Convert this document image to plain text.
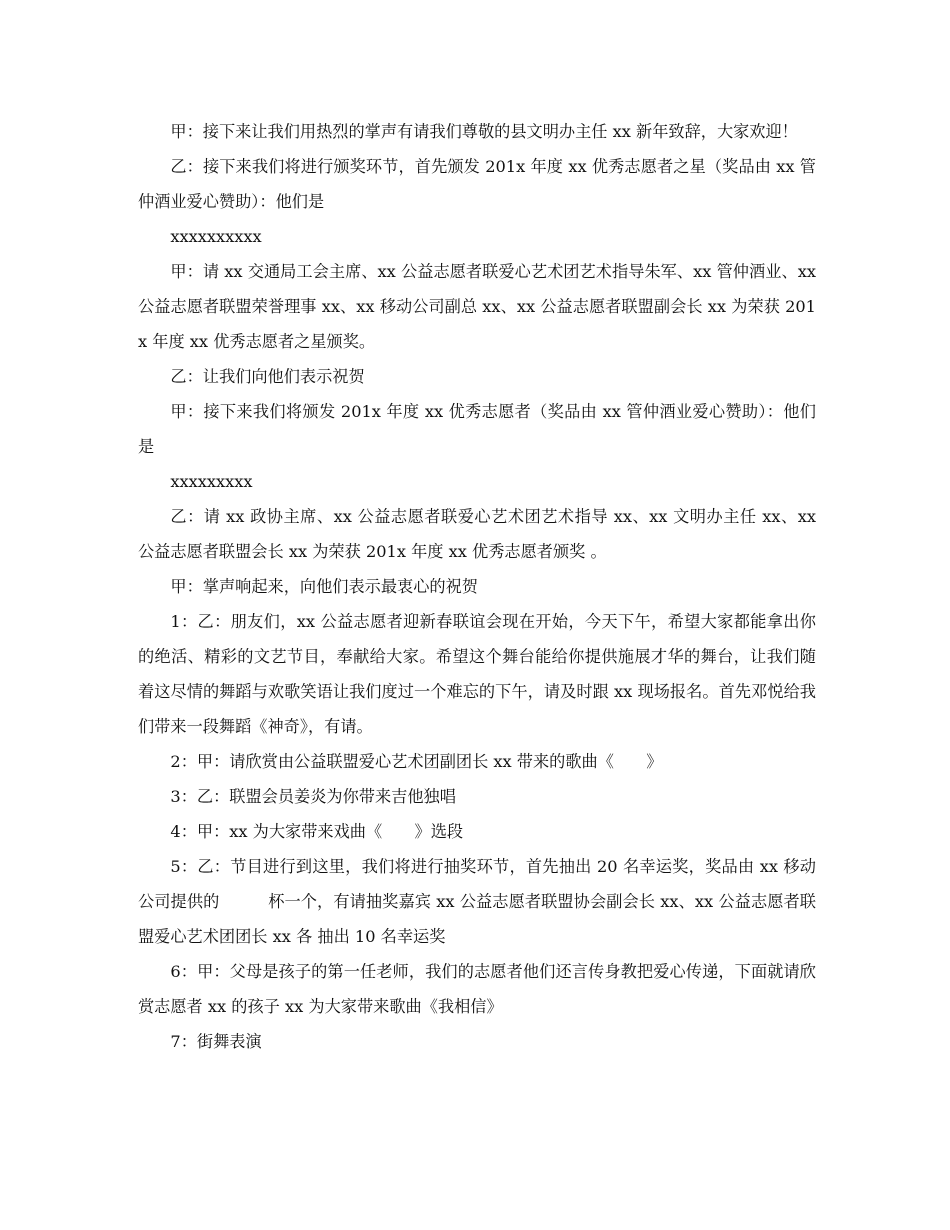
甲：接下来让我们用热烈的掌声有请我们尊敬的县文明办主任 xx 新年致辞，大家欢迎！

乙：接下来我们将进行颁奖环节，首先颁发 201x 年度 xx 优秀志愿者之星（奖品由 xx 管仲酒业爱心赞助）：他们是

xxxxxxxxxx

甲：请 xx 交通局工会主席、xx 公益志愿者联爱心艺术团艺术指导朱军、xx 管仲酒业、xx 公益志愿者联盟荣誉理事 xx、xx 移动公司副总 xx、xx 公益志愿者联盟副会长 xx 为荣获 201x 年度 xx 优秀志愿者之星颁奖。

乙：让我们向他们表示祝贺

甲：接下来我们将颁发 201x 年度 xx 优秀志愿者（奖品由 xx 管仲酒业爱心赞助）：他们是

xxxxxxxxx

乙：请 xx 政协主席、xx 公益志愿者联爱心艺术团艺术指导 xx、xx 文明办主任 xx、xx 公益志愿者联盟会长 xx 为荣获 201x 年度 xx 优秀志愿者颁奖 。

甲：掌声响起来，向他们表示最衷心的祝贺

1：乙：朋友们，xx 公益志愿者迎新春联谊会现在开始，今天下午，希望大家都能拿出你的绝活、精彩的文艺节目，奉献给大家。希望这个舞台能给你提供施展才华的舞台，让我们随着这尽情的舞蹈与欢歌笑语让我们度过一个难忘的下午，请及时跟 xx 现场报名。首先邓悦给我们带来一段舞蹈《神奇》，有请。

2：甲：请欣赏由公益联盟爱心艺术团副团长 xx 带来的歌曲《　　》

3：乙：联盟会员姜炎为你带来吉他独唱

4：甲：xx 为大家带来戏曲《　　》选段

5：乙：节目进行到这里，我们将进行抽奖环节，首先抽出 20 名幸运奖，奖品由 xx 移动公司提供的　　　杯一个，有请抽奖嘉宾 xx 公益志愿者联盟协会副会长 xx、xx 公益志愿者联盟爱心艺术团团长 xx 各 抽出 10 名幸运奖

6：甲：父母是孩子的第一任老师，我们的志愿者他们还言传身教把爱心传递，下面就请欣赏志愿者 xx 的孩子 xx 为大家带来歌曲《我相信》

7：街舞表演
